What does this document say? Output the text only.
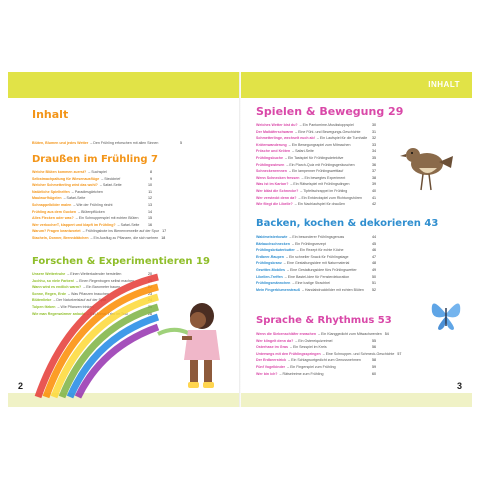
Inhalt
Blüten, Blumen und jedes Wetter – Den Frühling erforschen mit allen Sinnen	5
Draußen im Frühling 7
Welche Blüten kommen zuerst? – Suchspiel	8
Selbstmachpaltung für Wiesenausflüge – Steckbrief	9
Welcher Schmetterling wird das wohl? – Safari-Seite	10
Natürliche Spielhelfen – Paradiesgärtchen	11
Maulwurfhügelen – Safari-Seite	12
Schnappelbilder malen – Wie der Frühling riecht	13
Frühling aus dem Gucken – Blütenpflücken	14
Alles Flecken oder was? – Ein Schnupperspiel mit echten Blüten	15
Wer verkocherT, klappert und klapft im Frühling? – Safari-Seite	16
Warum? Fragen beantwortet – Frühlingsbote ins Bienenverwelle auf der Spur 17
Stacheln, Donner, Brennblätchen – Ein Ausflug zu Pflanzen, die sich wehren 18
Forschen & Experimentieren 19
Unsere Wettertruhe – Einen Wetterkalender herstellen	20
Juchhu, so viele Farben! – Einen Regenbogen selbst machen	21
Wann wird es endlich warm? – Ein Barometer bauen	22
Sonne, Regen, Erde – Was Pflanzen brauchen	23
Blütenliebe – Der Naturkreislauf auf der Spur	24
Tulpen färben – Wie Pflanzen trinken	25
Wie man Regenwürmer anlockt – Ein Anmal-Trick im Test	26
2
INHALT
Spielen & Bewegung 29
Welches Wetter bist du? – Ein Pantomime-Musikstoppspiel	30
Der Maikäferschwarm – Eine Fühl- und Bewegungs-Geschichte	31
Schmetterlinge, wechselt euch ab! – Ein Laufspiel für die Turnhalle	32
Krötenwanderung – Ein Bewegungsspiel zum Mitmachen	33
Frösche und Kröten – Safari-Seite	34
Frühlingsbuche – Ein Tastspiel für Frühlingsdetektive	35
Frühlingswiesen – Ein Plarch-Quiz mit Frühlingsgeräuschen	36
Schneckenrennen – Ein lampenner Frühlingswettlauf	37
Wenn Schnecken fressen – Ein bewegtes Experiment	38
Was ist im Karton? – Ein Rätselspiel mit Frühlingsdingen	39
Wer bläst die Schnecke? – Tipfeltschrappel im Frühling	40
Wer versteckt denn da? – Ein Entdeckspiel zum Richtungshören	41
Wie fliegt die Libelle? – Ein Nachlaufspiel für draußen	42
Backen, kochen & dekorieren 43
Waldmeisterbowle – Ein besonderer Frühlingsgenuss	44
Bärlauchschnecken – Ein Frühlingsrezept	45
Frühlingskräuterbutter – Ein Rezept für echte Köche	46
Erdbeer-Raupen – Ein schneller Snack für Frühlingstage	47
Frühlingskranz – Eine Gestaltungsidee mit Naturmaterial	48
Gewitter-Mobiles – Eine Gestaltungsidee fürs Frühlingswetter	49
Libellen-Treffen – Eine Bastel-Idee für Fensterdekoration	50
Frühlingsmännchen – Eine lustige Strachbei	51
Mein Fingerblumenstrauß – Handabdruckbilder mit echten Blüten	52
Sprache & Rhythmus 53
Wenn die Siebenschläfer erwachen – Ein Klanggedicht zum Mitwachwerden 54
Wer klingelt denn da? – Ein Ostereiquizreimel	55
Osterhase im Gras – Ein Sesspiel im Kreis	56
Unterwegs mit den Frühlingsspringen – Eine Schnupper- und Schmeck-Geschichte 57
Der Erdbeerstrick – Ein Schlagwortgedicht zum Genussnehmen	58
Fünf Vogelkinder – Ein Fingerspiel zum Frühling	59
Wer bin ich? – Rätselreime zum Frühling	60
3
